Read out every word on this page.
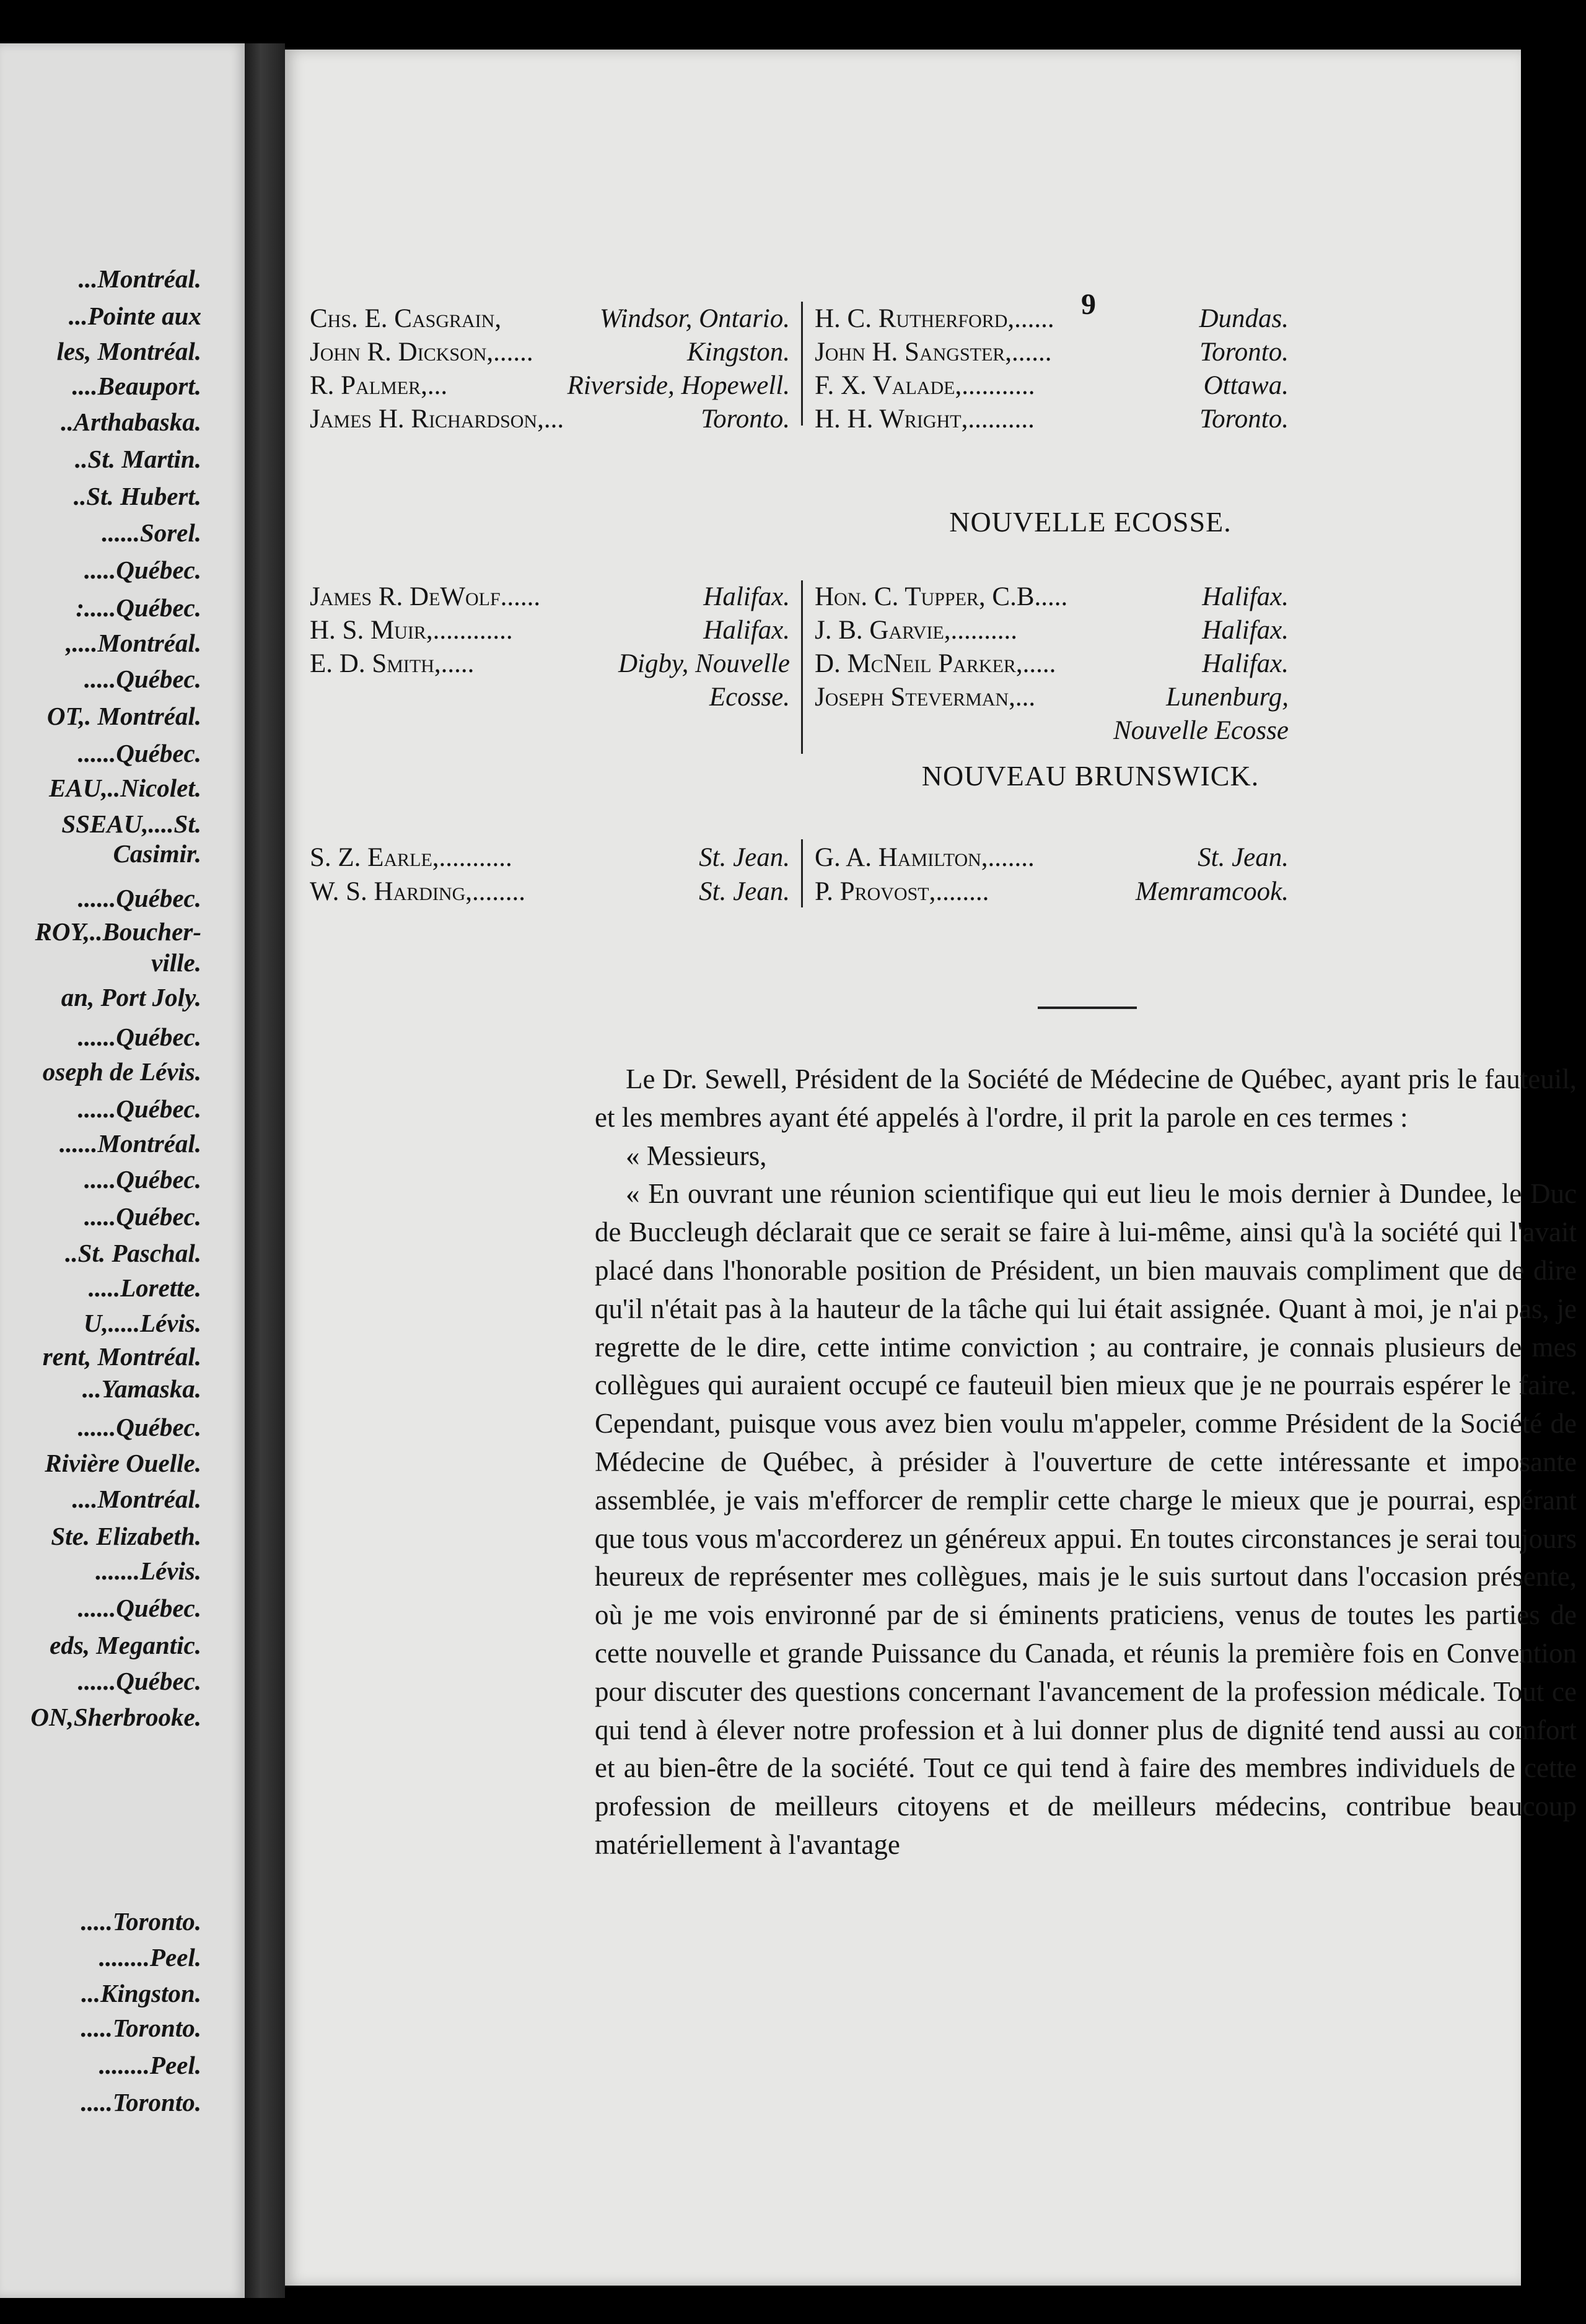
...Montréal.
...Pointe aux
les, Montréal.
....Beauport.
..Arthabaska.
..St. Martin.
..St. Hubert.
......Sorel.
.....Québec.
:.....Québec.
,....Montréal.
.....Québec.
OT,. Montréal.
......Québec.
EAU,..Nicolet.
SSEAU,....St.
Casimir.
......Québec.
ROY,..Boucher-
ville.
an, Port Joly.
......Québec.
oseph de Lévis.
......Québec.
......Montréal.
.....Québec.
.....Québec.
..St. Paschal.
.....Lorette.
U,.....Lévis.
rent, Montréal.
...Yamaska.
......Québec.
Rivière Ouelle.
....Montréal.
Ste. Elizabeth.
.......Lévis.
......Québec.
eds, Megantic.
......Québec.
ON,Sherbrooke.
.....Toronto.
........Peel.
...Kingston.
.....Toronto.
........Peel.
.....Toronto.
9
Chs. E. Casgrain,	Windsor, Ontario.
John R. Dickson,......	Kingston.
R. Palmer,...	Riverside, Hopewell.
James H. Richardson,...	Toronto.
H. C. Rutherford,......	Dundas.
John H. Sangster,......	Toronto.
F. X. Valade,...........	Ottawa.
H. H. Wright,..........	Toronto.
NOUVELLE ECOSSE.
James R. DeWolf......	Halifax.
H. S. Muir,............	Halifax.
E. D. Smith,.....	Digby, Nouvelle
Ecosse.
Hon. C. Tupper, C.B.....	Halifax.
J. B. Garvie,..........	Halifax.
D. McNeil Parker,.....	Halifax.
Joseph Steverman,...	Lunenburg,
Nouvelle Ecosse
NOUVEAU BRUNSWICK.
S. Z. Earle,...........	St. Jean.
W. S. Harding,........	St. Jean.
G. A. Hamilton,.......	St. Jean.
P. Provost,........	Memramcook.

Le Dr. Sewell, Président de la Société de Médecine de Québec, ayant pris le fauteuil, et les membres ayant été appelés à l'ordre, il prit la parole en ces termes :

« Messieurs,

« En ouvrant une réunion scientifique qui eut lieu le mois dernier à Dundee, le Duc de Buccleugh déclarait que ce serait se faire à lui-même, ainsi qu'à la société qui l'avait placé dans l'honorable position de Président, un bien mauvais compliment que de dire qu'il n'était pas à la hauteur de la tâche qui lui était assignée. Quant à moi, je n'ai pas, je regrette de le dire, cette intime conviction ; au contraire, je connais plusieurs de mes collègues qui auraient occupé ce fauteuil bien mieux que je ne pourrais espérer le faire. Cependant, puisque vous avez bien voulu m'appeler, comme Président de la Société de Médecine de Québec, à présider à l'ouverture de cette intéressante et imposante assemblée, je vais m'efforcer de remplir cette charge le mieux que je pourrai, espérant que tous vous m'accorderez un généreux appui. En toutes circonstances je serai toujours heureux de représenter mes collègues, mais je le suis surtout dans l'occasion présente, où je me vois environné par de si éminents praticiens, venus de toutes les parties de cette nouvelle et grande Puissance du Canada, et réunis la première fois en Convention pour discuter des questions concernant l'avancement de la profession médicale. Tout ce qui tend à élever notre profession et à lui donner plus de dignité tend aussi au comfort et au bien-être de la société. Tout ce qui tend à faire des membres individuels de cette profession de meilleurs citoyens et de meilleurs médecins, contribue beaucoup matériellement à l'avantage
